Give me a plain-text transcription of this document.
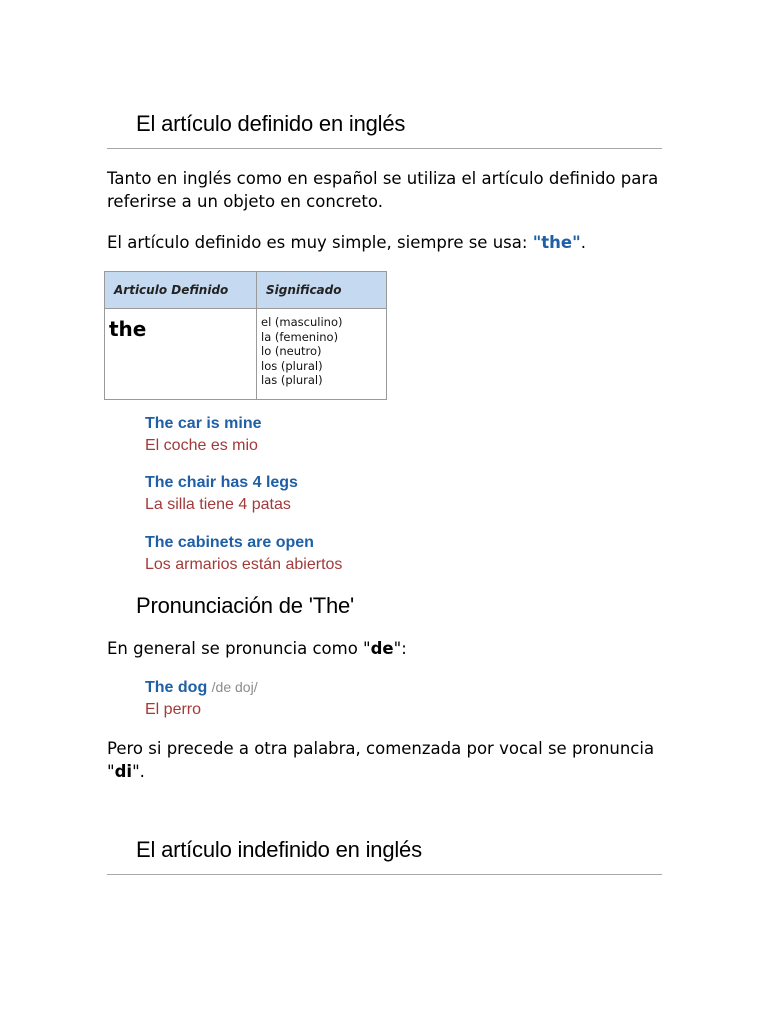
El artículo definido en inglés

Tanto en inglés como en español se utiliza el artículo definido para referirse a un objeto en concreto.

El artículo definido es muy simple, siempre se usa: "the".

Articulo Definido	Significado
the	el (masculino)
la (femenino)
lo (neutro)
los (plural)
las (plural)
The car is mine
El coche es mio
The chair has 4 legs
La silla tiene 4 patas
The cabinets are open
Los armarios están abiertos
Pronunciación de 'The'

En general se pronuncia como "de":

The dog /de doj/
El perro

Pero si precede a otra palabra, comenzada por vocal se pronuncia "di".

El artículo indefinido en inglés
